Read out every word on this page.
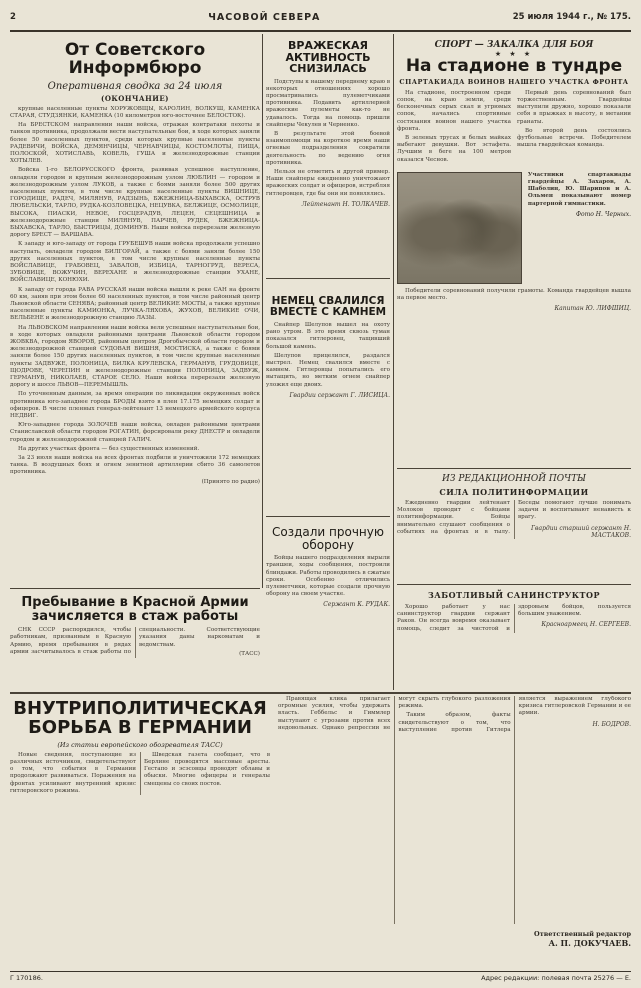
2	ЧАСОВОЙ СЕВЕРА	25 июля 1944 г., № 175.
От Советского Информбюро
Оперативная сводка за 24 июля
(ОКОНЧАНИЕ)

крупные населенные пункты ХОРУЖОВЩЫ, КАРОЛИН, ВОЛКУШ, КАМЕНКА СТАРАЯ, СТУДЗЯНКИ, КАМЕНКА (10 километров юго-восточнее БЕЛОСТОК).

На БРЕСТСКОМ направлении наши войска, отражая контратаки пехоты и танков противника, продолжали вести наступательные бои, в ходе которых заняли более 50 населенных пунктов, среди которых крупные населенные пункты РАДЕВИЧИ, ВОЙСКА, ДЕМЯНЧИЦЫ, ЧЕРНАВЧИЦЫ, КОСТОМЛОТЫ, ПИЩА, ПОЛОСКОЙ, ХОТИСЛАВЬ, КОВЕЛЬ, ГУША и железнодорожные станции ХОТЫЛЕВ.

Войска 1-го БЕЛОРУССКОГО фронта, развивая успешное наступление, овладели городом и крупным железнодорожным узлом ЛЮБЛИН — городом и железнодорожным узлом ЛУКОВ, а также с боями заняли более 500 других населенных пунктов, в том числе крупные населенные пункты ВИШНИЦЕ, ГОРОДИЩЕ, РАДЕЧ, МИЛЯНУВ, РАДЗЫНЬ, БЖЕЖНИЦА-БЫХАВСКА, ОСТРУВ ЛЮБЕЛЬСКИ, ТАРЛО, РУДКА-КОЗЛОВЕЦКА, НЕЦУВКА, БЕЛЖИЦЕ, ОСМОЛИЦЕ, ВЫСОКА, ПИАСКИ, НЕВОЕ, ГОСЦЕРАДУВ, ЛЕЦЕН, СЕЦЕШНИЦА и железнодорожные станции МИЛЯНУВ, ПАРЧЕВ, РУДЕК, БЖЕЖНИЦА-БЫХАВСКА, ТАРЛО, БЫСТРИЦЫ, ДОМИНУВ. Наши войска перерезали железную дорогу БРЕСТ — ВАРШАВА.

К западу и юго-западу от города ГРУБЕШУВ наши войска продолжали успешно наступать, овладели городом БИЛГОРАЙ, а также с боями заняли более 150 других населенных пунктов, в том числе крупные населенные пункты ВОЙСЛАВИЦЕ, ГРАБОВЕЦ, ЗАВАЛОВ, ИЗБИЦА, ТАРНОГРУД, ВЕРЕСА, ЗУБОВИЦЕ, ВОЖУЧИН, ВЕРЕХАНЕ и железнодорожные станции УХАНЕ, ВОЙСЛАВИЦЕ, КОНЮХИ.

К западу от города РАВА РУССКАЯ наши войска вышли к реке САН на фронте 60 км, заняв при этом более 60 населенных пунктов, в том числе районный центр Львовской области СЕНЯВА; районный центр ВЕЛИКИЕ МОСТЫ, а также крупные населенные пункты КАМИОНКА, ЛУЧКА-ЛЯХОВА, ЖУХОВ, ВЕЛИКИЕ ОЧИ, ВЕЛЬБЕНЕ и железнодорожную станцию ЛАЗЫ.

На ЛЬВОВСКОМ направлении наши войска вели успешные наступательные бои, в ходе которых овладели районными центрами Львовской области городом ЖОВКВА, городом ЯВОРОВ, районным центром Дрогобычской области городом и железнодорожной станцией СУДОВАЯ ВИШНЯ, МОСТИСКА, а также с боями заняли более 150 других населенных пунктов, в том числе крупные населенные пункты ЗАДВУЖЕ, ПОЛОНИЦА, БИЛКА КРУЛЕВСКА, ГЕРМАНУВ, ГРУДОВИЦЕ, ЩОДРОВЕ, ЧЕРЕПИН и железнодорожные станции ПОЛОНИЦА, ЗАДВУЖ, ГЕРМАНУВ, НИКОЛАЕВ, СТАРОЕ СЕЛО. Наши войска перерезали железную дорогу и шоссе ЛЬВОВ—ПЕРЕМЫШЛЬ.

По уточненным данным, за время операции по ликвидации окруженных войск противника юго-западнее города БРОДЫ взято в плен 17.175 немецких солдат и офицеров. В числе пленных генерал-лейтенант 13 немецкого армейского корпуса НЕДВИГ.

Юго-западнее города ЗОЛОЧЕВ наши войска, овладев районными центрами Станиславской области городом РОГАТИН, форсировали реку ДНЕСТР и овладели городом и железнодорожной станцией ГАЛИЧ.

На других участках фронта — без существенных изменений.

За 23 июля наши войска на всех фронтах подбили и уничтожили 172 немецких танка. В воздушных боях и огнем зенитной артиллерии сбито 36 самолетов противника.

(Принято по радио)
Пребывание в Красной Армии зачисляется в стаж работы

СНК СССР распорядился, чтобы работникам, призванным в Красную Армию, время пребывания в рядах армии засчитывалось в стаж работы по специальности. Соответствующие указания даны наркоматам и ведомствам.

(ТАСС)
ВРАЖЕСКАЯ АКТИВНОСТЬ СНИЗИЛАСЬ

Подступы к нашему переднему краю в некоторых отношениях хорошо просматривались пулеметчиками противника. Подавить артиллерией вражеские пулеметы как-то не удавалось. Тогда на помощь пришли снайперы Чекулев и Черненко.

В результате этой боевой взаимопомощи на короткое время наши огневые подразделения сократили деятельность по ведению огня противника.

Нельзя не отметить и другой пример. Наши снайперы ежедневно уничтожают вражеских солдат и офицеров, истребляя гитлеровцев, где бы они ни появлялись.

Лейтенант Н. ТОЛКАЧЕВ.
НЕМЕЦ СВАЛИЛСЯ ВМЕСТЕ С КАМНЕМ

Снайпер Шелупов вышел на охоту рано утром. В это время сквозь туман показался гитлеровец, тащивший большой камень.

Шелупов прицелился, раздался выстрел. Немец свалился вместе с камнем. Гитлеровцы попытались его вытащить, но метким огнем снайпер уложил еще двоих.

Гвардии сержант Г. ЛИСИЦА.
Создали прочную оборону

Бойцы нашего подразделения вырыли траншеи, ходы сообщения, построили блиндажи. Работы проводились в сжатые сроки. Особенно отличились пулеметчики, которые создали прочную оборону на своем участке.

Сержант К. РУДАК.
СПОРТ — ЗАКАЛКА ДЛЯ БОЯ
★ ★ ★
На стадионе в тундре
СПАРТАКИАДА ВОИНОВ НАШЕГО УЧАСТКА ФРОНТА

На стадионе, построенном среди сопок, на краю земли, среди бесконечных серых скал и угрюмых сопок, начались спортивные состязания воинов нашего участка фронта.

В зеленых трусах и белых майках выбегают девушки. Вот эстафета. Лучшим в беге на 100 метров оказался Чеснов.

Первый день соревнований был торжественным. Гвардейцы выступили дружно, хорошо показали себя в прыжках в высоту, в метании гранаты.

Во второй день состоялись футбольные встречи. Победителем вышла гвардейская команда.

Участники спартакиады гвардейцы А. Захаров, А. Шаболин, Ю. Шарипов и А. Ольмен показывают номер партерной гимнастики.
Фото Н. Черных.

Победители соревнований получили грамоты. Команда гвардейцев вышла на первое место.

Капитан Ю. ЛИФШИЦ.
ИЗ РЕДАКЦИОННОЙ ПОЧТЫ
СИЛА ПОЛИТИНФОРМАЦИИ

Ежедневно гвардии лейтенант Молоков проводит с бойцами политинформации. Бойцы внимательно слушают сообщения о событиях на фронтах и в тылу. Беседы помогают лучше понимать задачи и воспитывают ненависть к врагу.

Гвардии старший сержант Н. МАСТАКОВ.
ЗАБОТЛИВЫЙ САНИНСТРУКТОР

Хорошо работает у нас санинструктор гвардии сержант Раков. Он всегда вовремя оказывает помощь, следит за чистотой и здоровьем бойцов, пользуется большим уважением.

Красноармеец Н. СЕРГЕЕВ.
ВНУТРИПОЛИТИЧЕСКАЯ БОРЬБА В ГЕРМАНИИ
(Из статьи европейского обозревателя ТАСС)

Новые сведения, поступающие из различных источников, свидетельствуют о том, что события в Германии продолжают развиваться. Поражения на фронтах усиливают внутренний кризис гитлеровского режима.

Шведская газета сообщает, что в Берлине проводятся массовые аресты. Гестапо и эсэсовцы проводят облавы и обыски. Многие офицеры и генералы смещены со своих постов.

Правящая клика прилагает огромные усилия, чтобы удержать власть. Геббельс и Гиммлер выступают с угрозами против всех недовольных. Однако репрессии не могут скрыть глубокого разложения режима.

Таким образом, факты свидетельствуют о том, что выступление против Гитлера является выражением глубокого кризиса гитлеровской Германии и ее армии.

Н. БОДРОВ.
Ответственный редактор
А. П. ДОКУЧАЕВ.
Г 170186.	Адрес редакции: полевая почта 25276 — Е.
